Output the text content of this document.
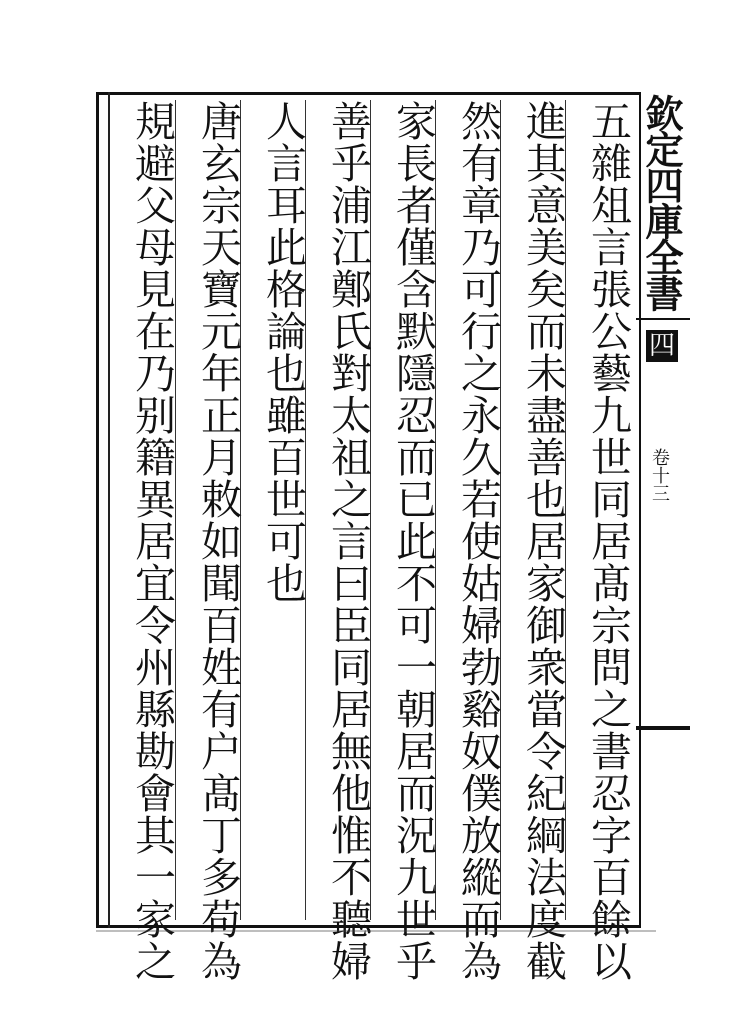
五雜俎言張公藝九世同居髙宗問之書忍字百餘以
進其意美矣而未盡善也居家御衆當令紀綱法度截
然有章乃可行之永久若使姑婦勃谿奴僕放縱而為
家長者僅含默隱忍而已此不可一朝居而況九世乎
善乎浦江鄭氏對太祖之言曰臣同居無他惟不聽婦
人言耳此格論也雖百世可也
唐玄宗天寶元年正月敕如聞百姓有户髙丁多苟為
規避父母見在乃别籍異居宜令州縣勘會其一家之	欽定四庫全書
四
卷十三
